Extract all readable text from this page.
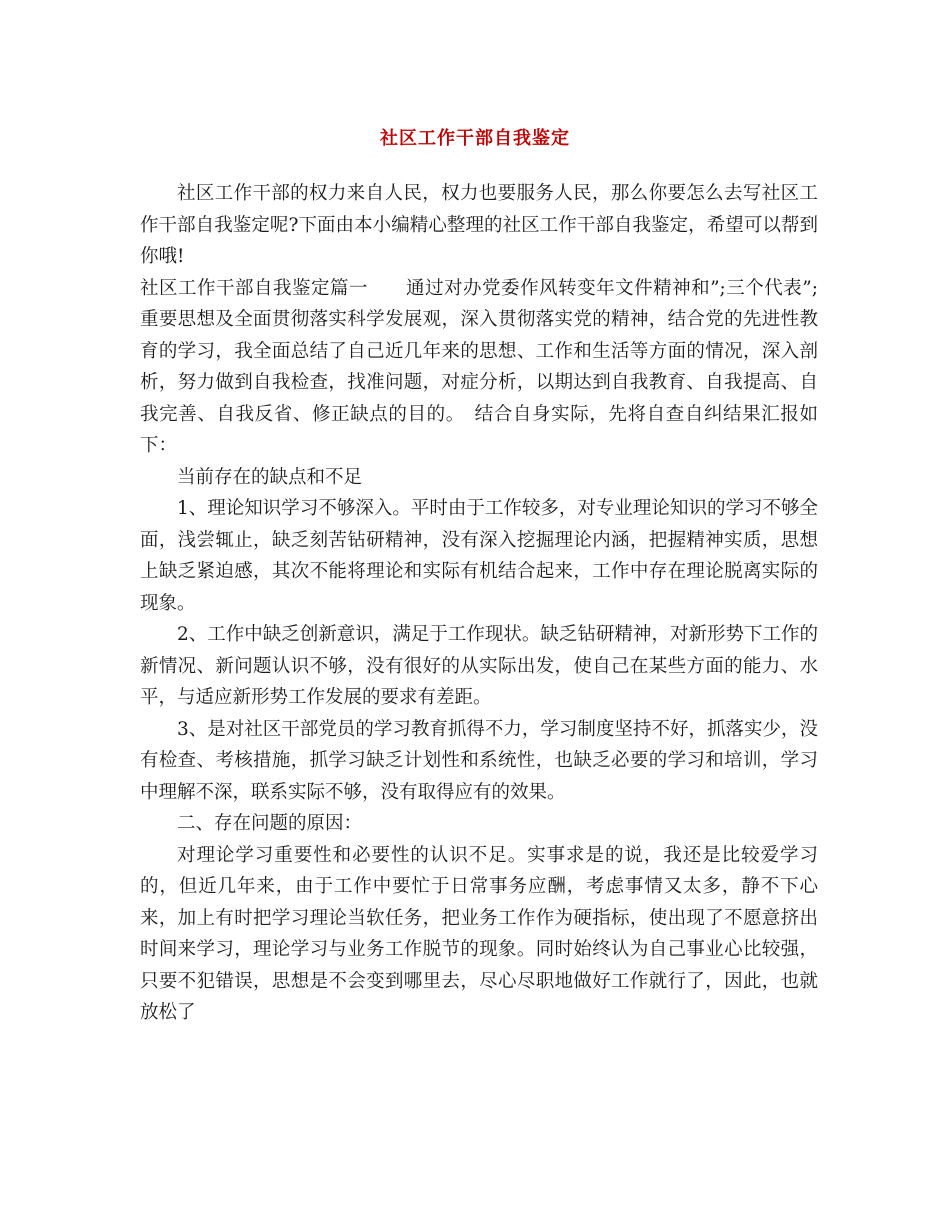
社区工作干部自我鉴定

社区工作干部的权力来自人民，权力也要服务人民，那么你要怎么去写社区工作干部自我鉴定呢?下面由本小编精心整理的社区工作干部自我鉴定，希望可以帮到你哦!

社区工作干部自我鉴定篇一　　通过对办党委作风转变年文件精神和”;三个代表”;重要思想及全面贯彻落实科学发展观，深入贯彻落实党的精神，结合党的先进性教育的学习，我全面总结了自己近几年来的思想、工作和生活等方面的情况，深入剖析，努力做到自我检查，找准问题，对症分析，以期达到自我教育、自我提高、自我完善、自我反省、修正缺点的目的。　结合自身实际，先将自查自纠结果汇报如下：

当前存在的缺点和不足

1、理论知识学习不够深入。平时由于工作较多，对专业理论知识的学习不够全面，浅尝辄止，缺乏刻苦钻研精神，没有深入挖掘理论内涵，把握精神实质，思想上缺乏紧迫感，其次不能将理论和实际有机结合起来，工作中存在理论脱离实际的现象。

2、工作中缺乏创新意识，满足于工作现状。缺乏钻研精神，对新形势下工作的新情况、新问题认识不够，没有很好的从实际出发，使自己在某些方面的能力、水平，与适应新形势工作发展的要求有差距。

3、是对社区干部党员的学习教育抓得不力，学习制度坚持不好，抓落实少，没有检查、考核措施，抓学习缺乏计划性和系统性，也缺乏必要的学习和培训，学习中理解不深，联系实际不够，没有取得应有的效果。

二、存在问题的原因：

对理论学习重要性和必要性的认识不足。实事求是的说，我还是比较爱学习的，但近几年来，由于工作中要忙于日常事务应酬，考虑事情又太多，静不下心来，加上有时把学习理论当软任务，把业务工作作为硬指标，使出现了不愿意挤出时间来学习，理论学习与业务工作脱节的现象。同时始终认为自己事业心比较强，只要不犯错误，思想是不会变到哪里去，尽心尽职地做好工作就行了，因此，也就放松了
